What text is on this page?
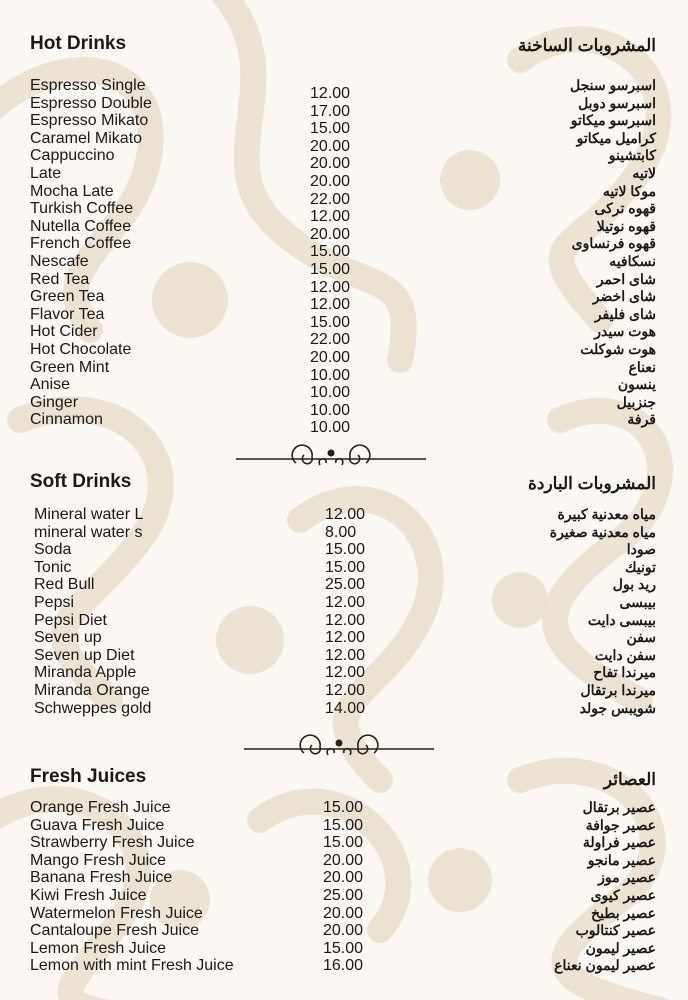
Hot Drinks	المشروبات الساخنة
Espresso Single	12.00	اسبرسو سنجل
Espresso Double	17.00	اسبرسو دوبل
Espresso Mikato	15.00	اسبرسو ميكاتو
Caramel Mikato	20.00	كراميل ميكاتو
Cappuccino	20.00	كابتشينو
Late	20.00	لاتيه
Mocha Late	22.00	موكا لاتيه
Turkish Coffee	12.00	قهوه تركى
Nutella Coffee	20.00	قهوه نوتيلا
French Coffee	15.00	قهوه فرنساوى
Nescafe	15.00	نسكافيه
Red Tea	12.00	شاى احمر
Green Tea	12.00	شاى اخضر
Flavor Tea	15.00	شاى فليفر
Hot Cider	22.00	هوت سيدر
Hot Chocolate	20.00	هوت شوكلت
Green Mint	10.00	نعناع
Anise	10.00	ينسون
Ginger	10.00	جنزبيل
Cinnamon	10.00	قرفة
Soft Drinks	المشروبات الباردة
Mineral water L	12.00	مياه معدنية كبيرة
mineral water s	8.00	مياه معدنية صغيرة
Soda	15.00	صودا
Tonic	15.00	تونيك
Red Bull	25.00	ريد بول
Pepsi	12.00	بيبسى
Pepsi Diet	12.00	بيبسى دايت
Seven up	12.00	سفن
Seven up Diet	12.00	سفن دايت
Miranda Apple	12.00	ميرندا تفاح
Miranda Orange	12.00	ميرندا برتقال
Schweppes gold	14.00	شويبس جولد
Fresh Juices	العصائر
Orange Fresh Juice	15.00	عصير برتقال
Guava Fresh Juice	15.00	عصير جوافة
Strawberry Fresh Juice	15.00	عصير فراولة
Mango Fresh Juice	20.00	عصير مانجو
Banana Fresh Juice	20.00	عصير موز
Kiwi Fresh Juice	25.00	عصير كيوى
Watermelon Fresh Juice	20.00	عصير بطيخ
Cantaloupe Fresh Juice	20.00	عصير كنتالوب
Lemon Fresh Juice	15.00	عصير ليمون
Lemon with mint Fresh Juice	16.00	عصير ليمون نعناع
